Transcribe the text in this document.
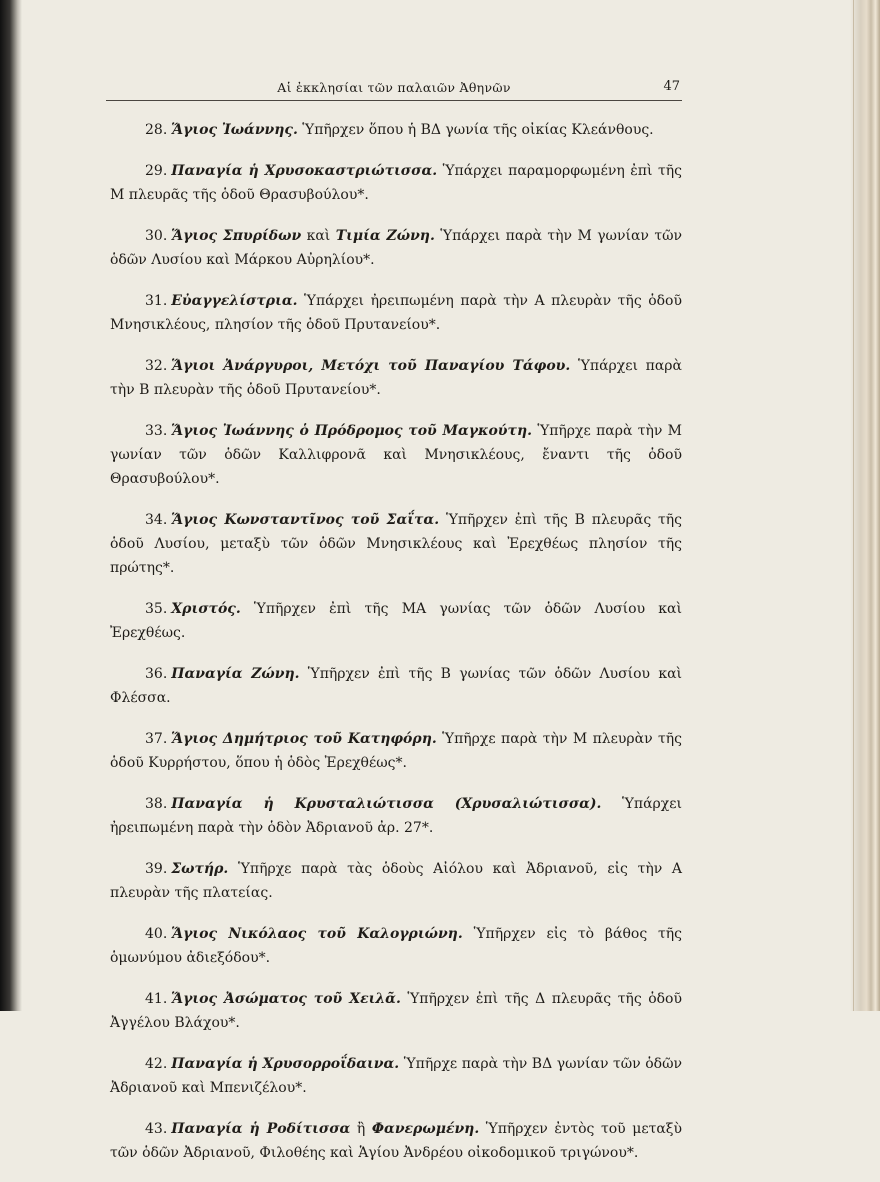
Αἱ ἐκκλησίαι τῶν παλαιῶν Ἀθηνῶν	47

28. Ἅγιος Ἰωάννης. Ὑπῆρχεν ὅπου ἡ ΒΔ γωνία τῆς οἰκίας Κλεάνθους.

29. Παναγία ἡ Χρυσοκαστριώτισσα. Ὑπάρχει παραμορφωμένη ἐπὶ τῆς Μ πλευρᾶς τῆς ὁδοῦ Θρασυβούλου*.

30. Ἅγιος Σπυρίδων καὶ Τιμία Ζώνη. Ὑπάρχει παρὰ τὴν Μ γωνίαν τῶν ὁδῶν Λυσίου καὶ Μάρκου Αὐρηλίου*.

31. Εὐαγγελίστρια. Ὑπάρχει ἠρειπωμένη παρὰ τὴν Α πλευρὰν τῆς ὁδοῦ Μνησικλέους, πλησίον τῆς ὁδοῦ Πρυτανείου*.

32. Ἅγιοι Ἀνάργυροι, Μετόχι τοῦ Παναγίου Τάφου. Ὑπάρχει παρὰ τὴν Β πλευρὰν τῆς ὁδοῦ Πρυτανείου*.

33. Ἅγιος Ἰωάννης ὁ Πρόδρομος τοῦ Μαγκούτη. Ὑπῆρχε παρὰ τὴν Μ γωνίαν τῶν ὁδῶν Καλλιφρονᾶ καὶ Μνησικλέους, ἔναντι τῆς ὁδοῦ Θρασυβούλου*.

34. Ἅγιος Κωνσταντῖνος τοῦ Σαΐτα. Ὑπῆρχεν ἐπὶ τῆς Β πλευρᾶς τῆς ὁδοῦ Λυσίου, μεταξὺ τῶν ὁδῶν Μνησικλέους καὶ Ἐρεχθέως πλησίον τῆς πρώτης*.

35. Χριστός. Ὑπῆρχεν ἐπὶ τῆς ΜΑ γωνίας τῶν ὁδῶν Λυσίου καὶ Ἐρεχθέως.

36. Παναγία Ζώνη. Ὑπῆρχεν ἐπὶ τῆς Β γωνίας τῶν ὁδῶν Λυσίου καὶ Φλέσσα.

37. Ἅγιος Δημήτριος τοῦ Κατηφόρη. Ὑπῆρχε παρὰ τὴν Μ πλευρὰν τῆς ὁδοῦ Κυρρήστου, ὅπου ἡ ὁδὸς Ἐρεχθέως*.

38. Παναγία ἡ Κρυσταλιώτισσα (Χρυσαλιώτισσα). Ὑπάρχει ἠρειπωμένη παρὰ τὴν ὁδὸν Ἀδριανοῦ ἀρ. 27*.

39. Σωτήρ. Ὑπῆρχε παρὰ τὰς ὁδοὺς Αἰόλου καὶ Ἀδριανοῦ, εἰς τὴν Α πλευρὰν τῆς πλατείας.

40. Ἅγιος Νικόλαος τοῦ Καλογριώνη. Ὑπῆρχεν εἰς τὸ βάθος τῆς ὁμωνύμου ἀδιεξόδου*.

41. Ἅγιος Ἀσώματος τοῦ Χειλᾶ. Ὑπῆρχεν ἐπὶ τῆς Δ πλευρᾶς τῆς ὁδοῦ Ἀγγέλου Βλάχου*.

42. Παναγία ἡ Χρυσορροΐδαινα. Ὑπῆρχε παρὰ τὴν ΒΔ γωνίαν τῶν ὁδῶν Ἀδριανοῦ καὶ Μπενιζέλου*.

43. Παναγία ἡ Ροδίτισσα ἢ Φανερωμένη. Ὑπῆρχεν ἐντὸς τοῦ μεταξὺ τῶν ὁδῶν Ἀδριανοῦ, Φιλοθέης καὶ Ἁγίου Ἀνδρέου οἰκοδομικοῦ τριγώνου*.
